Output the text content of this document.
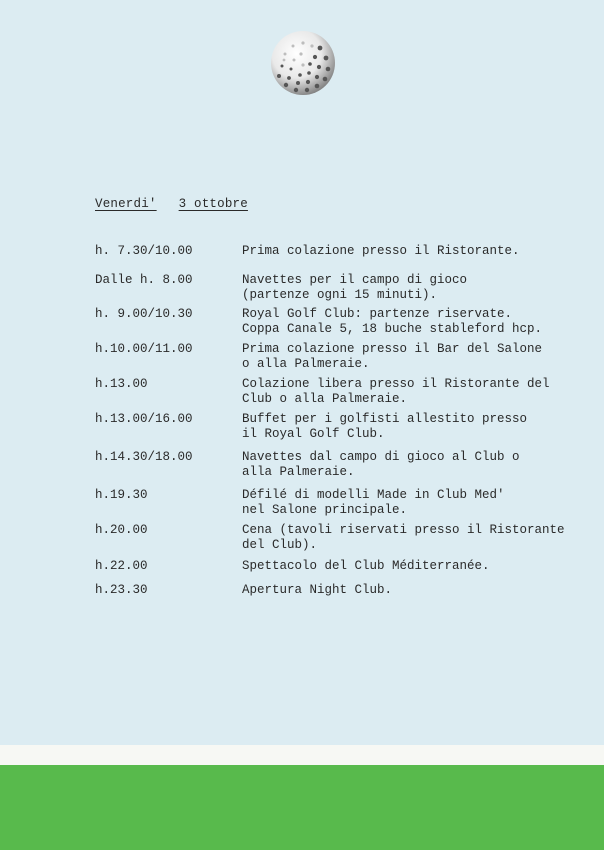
Venerdi' 3 ottobre
h. 7.30/10.00	Prima colazione presso il Ristorante.
Dalle h. 8.00	Navettes per il campo di gioco
(partenze ogni 15 minuti).
h. 9.00/10.30	Royal Golf Club: partenze riservate.
Coppa Canale 5, 18 buche stableford hcp.
h.10.00/11.00	Prima colazione presso il Bar del Salone
o alla Palmeraie.
h.13.00	Colazione libera presso il Ristorante del
Club o alla Palmeraie.
h.13.00/16.00	Buffet per i golfisti allestito presso
il Royal Golf Club.
h.14.30/18.00	Navettes dal campo di gioco al Club o
alla Palmeraie.
h.19.30	Défilé di modelli Made in Club Med'
nel Salone principale.
h.20.00	Cena (tavoli riservati presso il Ristorante
del Club).
h.22.00	Spettacolo del Club Méditerranée.
h.23.30	Apertura Night Club.
